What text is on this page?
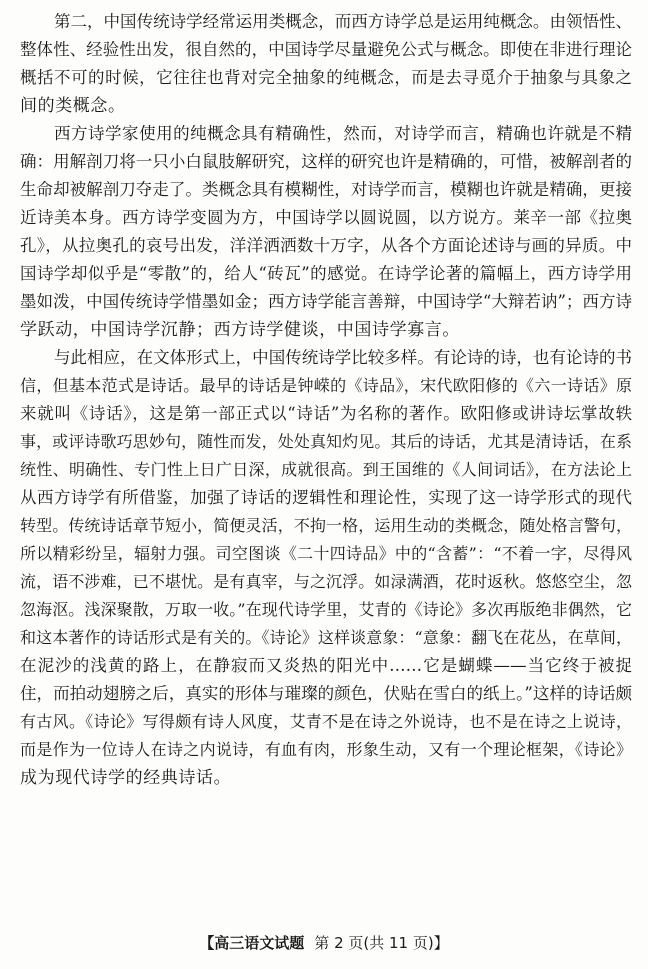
第二，中国传统诗学经常运用类概念，而西方诗学总是运用纯概念。由领悟性、
整体性、经验性出发，很自然的，中国诗学尽量避免公式与概念。即使在非进行理论
概括不可的时候，它往往也背对完全抽象的纯概念，而是去寻觅介于抽象与具象之
间的类概念。
西方诗学家使用的纯概念具有精确性，然而，对诗学而言，精确也许就是不精
确：用解剖刀将一只小白鼠肢解研究，这样的研究也许是精确的，可惜，被解剖者的
生命却被解剖刀夺走了。类概念具有模糊性，对诗学而言，模糊也许就是精确，更接
近诗美本身。西方诗学变圆为方，中国诗学以圆说圆，以方说方。莱辛一部《拉奥
孔》，从拉奥孔的哀号出发，洋洋洒洒数十万字，从各个方面论述诗与画的异质。中
国诗学却似乎是“零散”的，给人“砖瓦”的感觉。在诗学论著的篇幅上，西方诗学用
墨如泼，中国传统诗学惜墨如金；西方诗学能言善辩，中国诗学“大辩若讷”；西方诗
学跃动，中国诗学沉静；西方诗学健谈，中国诗学寡言。
与此相应，在文体形式上，中国传统诗学比较多样。有论诗的诗，也有论诗的书
信，但基本范式是诗话。最早的诗话是钟嵘的《诗品》，宋代欧阳修的《六一诗话》原
来就叫《诗话》，这是第一部正式以“诗话”为名称的著作。欧阳修或讲诗坛掌故轶
事，或评诗歌巧思妙句，随性而发，处处真知灼见。其后的诗话，尤其是清诗话，在系
统性、明确性、专门性上日广日深，成就很高。到王国维的《人间词话》，在方法论上
从西方诗学有所借鉴，加强了诗话的逻辑性和理论性，实现了这一诗学形式的现代
转型。传统诗话章节短小，简便灵活，不拘一格，运用生动的类概念，随处格言警句，
所以精彩纷呈，辐射力强。司空图谈《二十四诗品》中的“含蓄”：“不着一字，尽得风
流，语不涉难，已不堪忧。是有真宰，与之沉浮。如渌满酒，花时返秋。悠悠空尘，忽
忽海沤。浅深聚散，万取一收。”在现代诗学里，艾青的《诗论》多次再版绝非偶然，它
和这本著作的诗话形式是有关的。《诗论》这样谈意象：“意象：翻飞在花丛，在草间，
在泥沙的浅黄的路上，在静寂而又炎热的阳光中……它是蝴蝶——当它终于被捉
住，而拍动翅膀之后，真实的形体与璀璨的颜色，伏贴在雪白的纸上。”这样的诗话颇
有古风。《诗论》写得颇有诗人风度，艾青不是在诗之外说诗，也不是在诗之上说诗，
而是作为一位诗人在诗之内说诗，有血有肉，形象生动，又有一个理论框架，《诗论》
成为现代诗学的经典诗话。
【高三语文试题 第 2 页(共 11 页)】
